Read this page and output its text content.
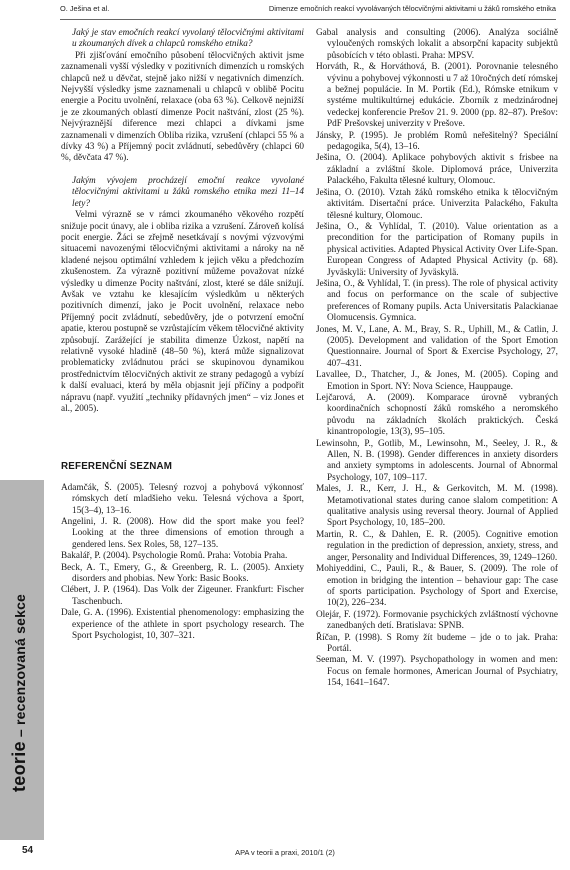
O. Ješina et al.	Dimenze emočních reakcí vyvolávaných tělocvičnými aktivitami u žáků romského etnika
teorie – recenzovaná sekce

Jaký je stav emočních reakcí vyvolaný tělocvičnými aktivitami u zkoumaných dívek a chlapců romského etnika?

Při zjišťování emočního působení tělocvičných aktivit jsme zaznamenali vyšší výsledky v pozitivních dimenzích u romských chlapců než u děvčat, stejně jako nižší v negativních dimenzích. Nejvyšší výsledky jsme zaznamenali u chlapců v oblibě Pocitu energie a Pocitu uvolnění, relaxace (oba 63 %). Celkově nejnižší je ze zkoumaných oblastí dimenze Pocit naštvání, zlost (25 %). Nejvýraznější diference mezi chlapci a dívkami jsme zaznamenali v dimenzích Obliba rizika, vzrušení (chlapci 55 % a dívky 43 %) a Příjemný pocit zvládnutí, sebedůvěry (chlapci 60 %, děvčata 47 %).

Jakým vývojem procházejí emoční reakce vyvolané tělocvičnými aktivitami u žáků romského etnika mezi 11–14 lety?

Velmi výrazně se v rámci zkoumaného věkového rozpětí snižuje pocit únavy, ale i obliba rizika a vzrušení. Zároveň kolísá pocit energie. Žáci se zřejmě nesetkávají s novými výzvovými situacemi navozenými tělocvičnými aktivitami a nároky na ně kladené nejsou optimální vzhledem k jejich věku a předchozím zkušenostem. Za výrazně pozitivní můžeme považovat nízké výsledky u dimenze Pocity naštvání, zlost, které se dále snižují. Avšak ve vztahu ke klesajícím výsledkům u některých pozitivních dimenzí, jako je Pocit uvolnění, relaxace nebo Příjemný pocit zvládnutí, sebedůvěry, jde o potvrzení emoční apatie, kterou postupně se vzrůstajícím věkem tělocvičné aktivity způsobují. Zarážející je stabilita dimenze Úzkost, napětí na relativně vysoké hladině (48–50 %), která může signalizovat problematicky zvládnutou práci se skupinovou dynamikou prostřednictvím tělocvičných aktivit ze strany pedagogů a vybízí k další evaluaci, která by měla objasnit její příčiny a podpořit nápravu (např. využití „techniky přídavných jmen“ – viz Jones et al., 2005).

REFERENČNÍ SEZNAM

Adamčák, Š. (2005). Telesný rozvoj a pohybová výkonnosť rómskych detí mladšieho veku. Telesná výchova a šport, 15(3–4), 13–16.

Angelini, J. R. (2008). How did the sport make you feel? Looking at the three dimensions of emotion through a gendered lens. Sex Roles, 58, 127–135.

Bakalář, P. (2004). Psychologie Romů. Praha: Votobia Praha.

Beck, A. T., Emery, G., & Greenberg, R. L. (2005). Anxiety disorders and phobias. New York: Basic Books.

Clébert, J. P. (1964). Das Volk der Zigeuner. Frankfurt: Fischer Taschenbuch.

Dale, G. A. (1996). Existential phenomenology: emphasizing the experience of the athlete in sport psychology research. The Sport Psychologist, 10, 307–321.

Gabal analysis and consulting (2006). Analýza sociálně vyloučených romských lokalit a absorpční kapacity subjektů působících v této oblasti. Praha: MPSV.

Horváth, R., & Horváthová, B. (2001). Porovnanie telesného vývinu a pohybovej výkonnosti u 7 až 10ročných detí rómskej a bežnej populácie. In M. Portik (Ed.), Rómske etnikum v systéme multikultúrnej edukácie. Zborník z medzinárodnej vedeckej konferencie Prešov 21. 9. 2000 (pp. 82–87). Prešov: PdF Prešovskej univerzity v Prešove.

Jánsky, P. (1995). Je problém Romů neřešitelný? Speciální pedagogika, 5(4), 13–16.

Ješina, O. (2004). Aplikace pohybových aktivit s frisbee na základní a zvláštní škole. Diplomová práce, Univerzita Palackého, Fakulta tělesné kultury, Olomouc.

Ješina, O. (2010). Vztah žáků romského etnika k tělocvičným aktivitám. Disertační práce. Univerzita Palackého, Fakulta tělesné kultury, Olomouc.

Ješina, O., & Vyhlídal, T. (2010). Value orientation as a precondition for the participation of Romany pupils in physical activities. Adapted Physical Activity Over Life-Span. European Congress of Adapted Physical Activity (p. 68). Jyväskylä: University of Jyväskylä.

Ješina, O., & Vyhlídal, T. (in press). The role of physical activity and focus on performance on the scale of subjective preferences of Romany pupils. Acta Universitatis Palackianae Olomucensis. Gymnica.

Jones, M. V., Lane, A. M., Bray, S. R., Uphill, M., & Catlin, J. (2005). Development and validation of the Sport Emotion Questionnaire. Journal of Sport & Exercise Psychology, 27, 407–431.

Lavallee, D., Thatcher, J., & Jones, M. (2005). Coping and Emotion in Sport. NY: Nova Science, Hauppauge.

Lejčarová, A. (2009). Komparace úrovně vybraných koordinačních schopností žáků romského a neromského původu na základních školách praktických. Česká kinantropologie, 13(3), 95–105.

Lewinsohn, P., Gotlib, M., Lewinsohn, M., Seeley, J. R., & Allen, N. B. (1998). Gender differences in anxiety disorders and anxiety symptoms in adolescents. Journal of Abnormal Psychology, 107, 109–117.

Males, J. R., Kerr, J. H., & Gerkovitch, M. M. (1998). Metamotivational states during canoe slalom competition: A qualitative analysis using reversal theory. Journal of Applied Sport Psychology, 10, 185–200.

Martin, R. C., & Dahlen, E. R. (2005). Cognitive emotion regulation in the prediction of depression, anxiety, stress, and anger, Personality and Individual Differences, 39, 1249–1260.

Mohiyeddini, C., Pauli, R., & Bauer, S. (2009). The role of emotion in bridging the intention – behaviour gap: The case of sports participation. Psychology of Sport and Exercise, 10(2), 226–234.

Olejár, F. (1972). Formovanie psychických zvláštností výchovne zanedbaných detí. Bratislava: SPNB.

Říčan, P. (1998). S Romy žít budeme – jde o to jak. Praha: Portál.

Seeman, M. V. (1997). Psychopathology in women and men: Focus on female hormones, American Journal of Psychiatry, 154, 1641–1647.

54	APA v teorii a praxi, 2010/1 (2)
